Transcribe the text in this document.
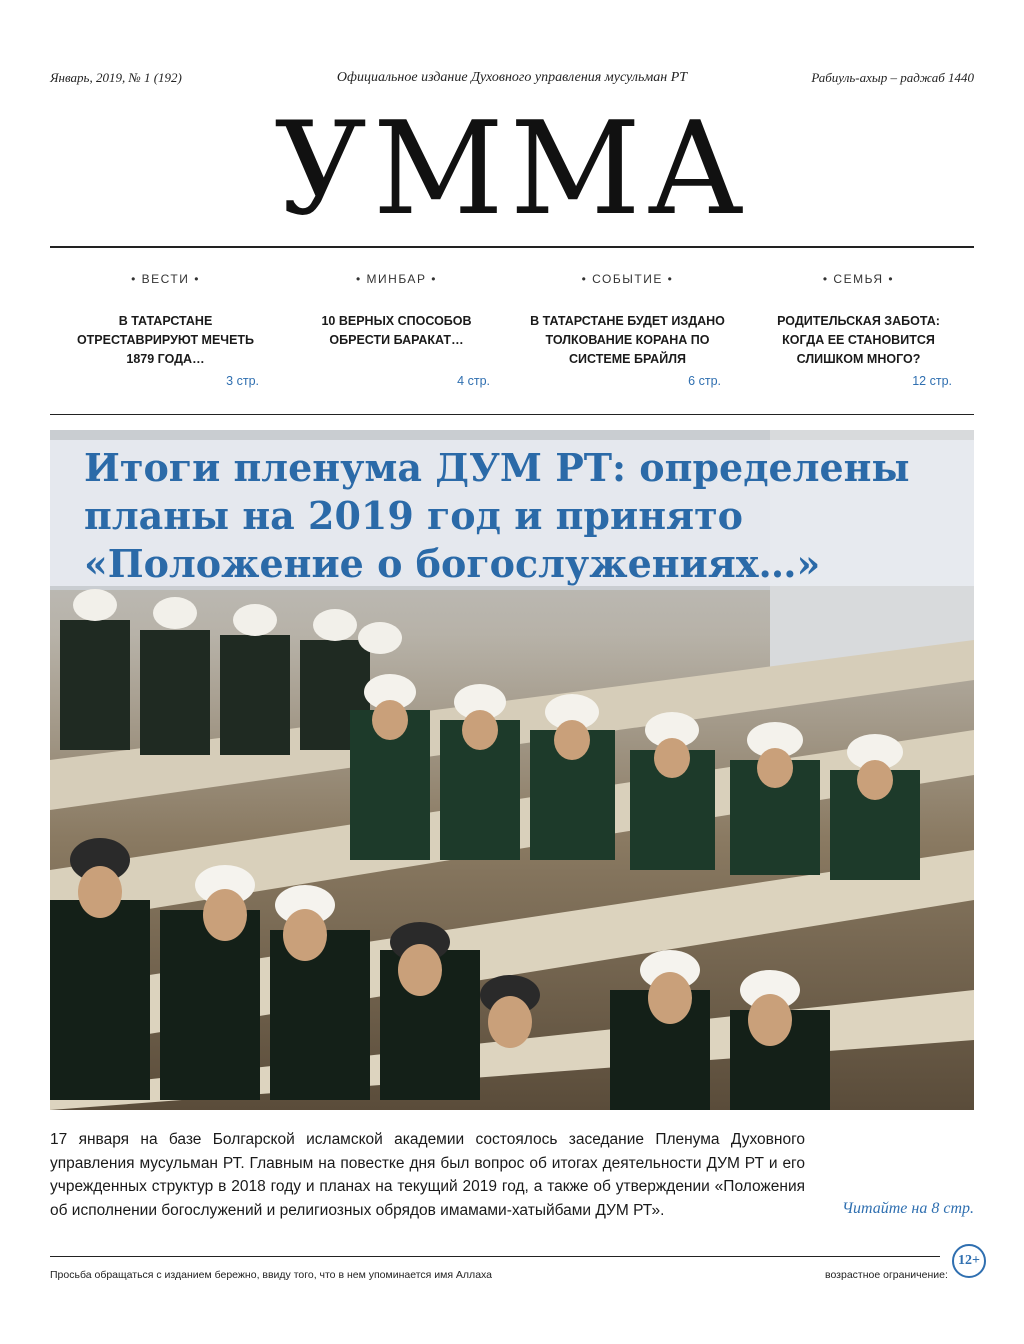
Январь, 2019, № 1 (192)	Официальное издание Духовного управления мусульман РТ	Рабиуль-ахыр – раджаб 1440
УММА
• ВЕСТИ •
В ТАТАРСТАНЕ ОТРЕСТАВРИРУЮТ МЕЧЕТЬ 1879 ГОДА…
3 стр.
• МИНБАР •
10 ВЕРНЫХ СПОСОБОВ ОБРЕСТИ БАРАКАТ…
4 стр.
• СОБЫТИЕ •
В ТАТАРСТАНЕ БУДЕТ ИЗДАНО ТОЛКОВАНИЕ КОРАНА ПО СИСТЕМЕ БРАЙЛЯ
6 стр.
• СЕМЬЯ •
РОДИТЕЛЬСКАЯ ЗАБОТА: КОГДА ЕЕ СТАНОВИТСЯ СЛИШКОМ МНОГО?
12 стр.
Итоги пленума ДУМ РТ: определены
планы на 2019 год и принято
«Положение о богослужениях…»

17 января на базе Болгарской исламской академии состоялось заседание Пленума Духовного управления мусульман РТ. Главным на повестке дня был вопрос об итогах деятельности ДУМ РТ и его учрежденных структур в 2018 году и планах на текущий 2019 год, а также об утверждении «Положения об исполнении богослужений и религиозных обрядов имамами-хатыйбами ДУМ РТ».	Читайте на 8 стр.
Просьба обращаться с изданием бережно, ввиду того, что в нем упоминается имя Аллаха	возрастное ограничение:
12+
